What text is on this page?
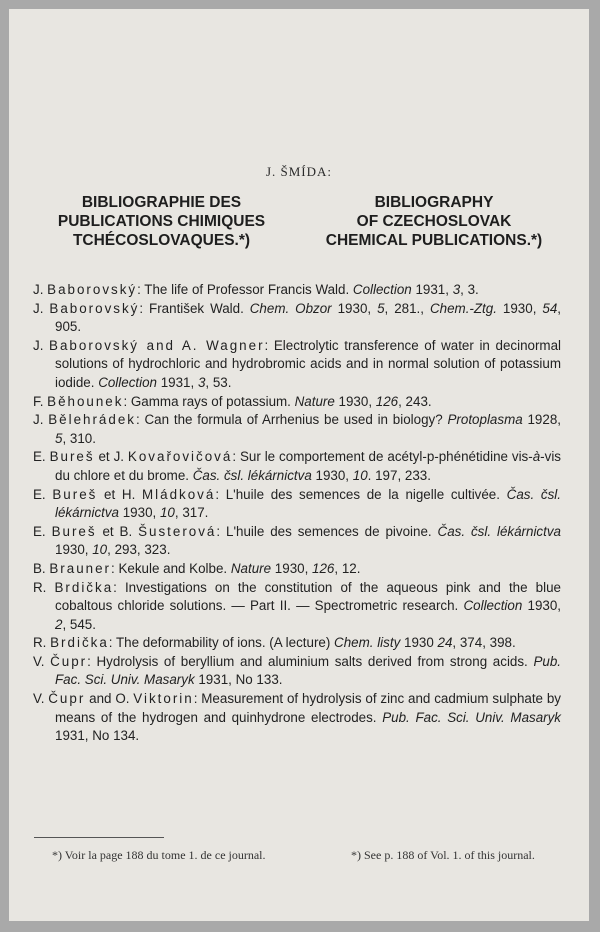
J. ŠMÍDA:
BIBLIOGRAPHIE DES
PUBLICATIONS CHIMIQUES
TCHÉCOSLOVAQUES.*)
BIBLIOGRAPHY
OF CZECHOSLOVAK
CHEMICAL PUBLICATIONS.*)

J. Baborovský: The life of Professor Francis Wald. Collection 1931, 3, 3.

J. Baborovský: František Wald. Chem. Obzor 1930, 5, 281., Chem.-Ztg. 1930, 54, 905.

J. Baborovský and A. Wagner: Electrolytic transference of water in decinormal solutions of hydrochloric and hydrobromic acids and in normal solution of potassium iodide. Collection 1931, 3, 53.

F. Běhounek: Gamma rays of potassium. Nature 1930, 126, 243.

J. Bělehrádek: Can the formula of Arrhenius be used in biology? Protoplasma 1928, 5, 310.

E. Bureš et J. Kovařovičová: Sur le comportement de acétyl-p-phénétidine vis-à-vis du chlore et du brome. Čas. čsl. lékárnictva 1930, 10. 197, 233.

E. Bureš et H. Mládková: L'huile des semences de la nigelle cultivée. Čas. čsl. lékárnictva 1930, 10, 317.

E. Bureš et B. Šusterová: L'huile des semences de pivoine. Čas. čsl. lékárnictva 1930, 10, 293, 323.

B. Brauner: Kekule and Kolbe. Nature 1930, 126, 12.

R. Brdička: Investigations on the constitution of the aqueous pink and the blue cobaltous chloride solutions. — Part II. — Spectrometric research. Collection 1930, 2, 545.

R. Brdička: The deformability of ions. (A lecture) Chem. listy 1930 24, 374, 398.

V. Čupr: Hydrolysis of beryllium and aluminium salts derived from strong acids. Pub. Fac. Sci. Univ. Masaryk 1931, No 133.

V. Čupr and O. Viktorin: Measurement of hydrolysis of zinc and cadmium sulphate by means of the hydrogen and quinhydrone electrodes. Pub. Fac. Sci. Univ. Masaryk 1931, No 134.

*) Voir la page 188 du tome 1. de ce journal.	*) See p. 188 of Vol. 1. of this journal.
